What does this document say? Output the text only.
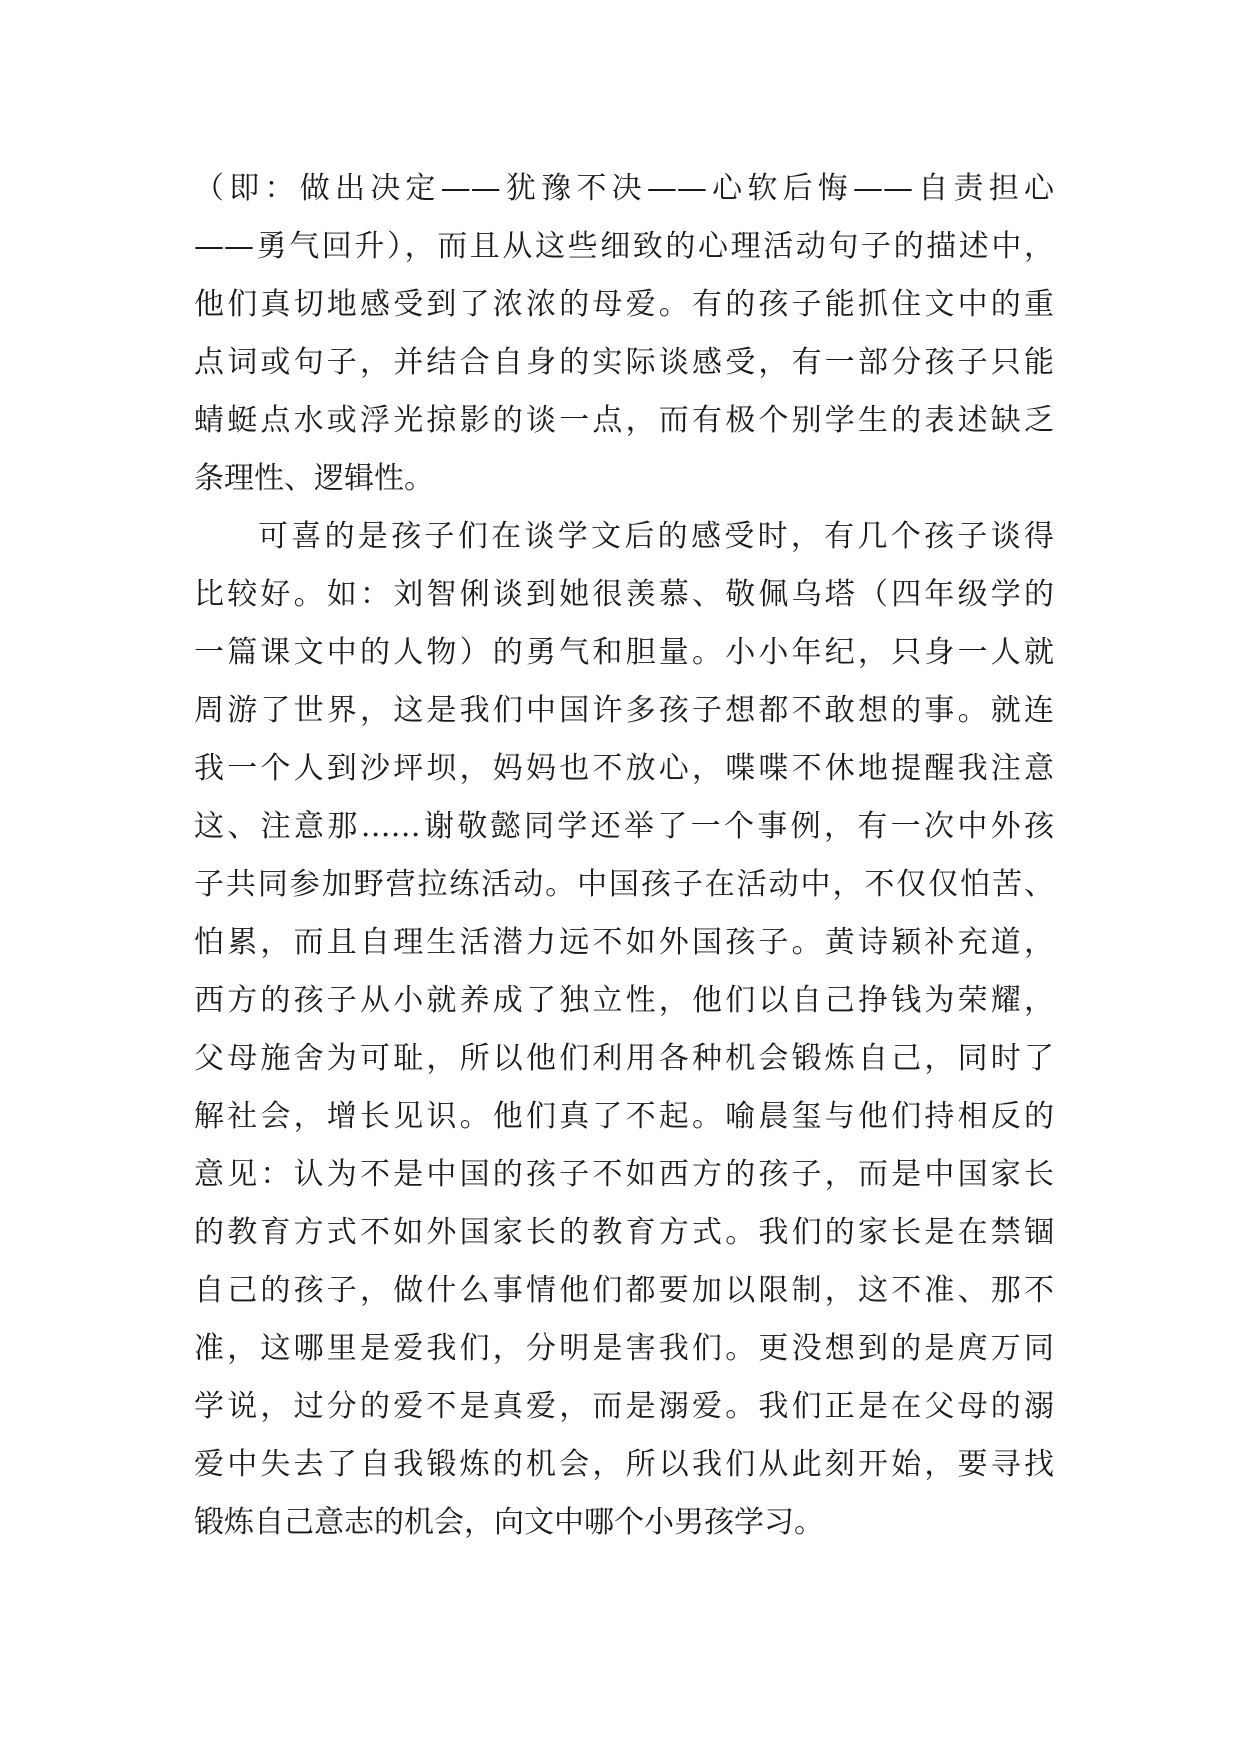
（即：做出决定——犹豫不决——心软后悔——自责担心
——勇气回升），而且从这些细致的心理活动句子的描述中，
他们真切地感受到了浓浓的母爱。有的孩子能抓住文中的重
点词或句子，并结合自身的实际谈感受，有一部分孩子只能
蜻蜓点水或浮光掠影的谈一点，而有极个别学生的表述缺乏
条理性、逻辑性。
可喜的是孩子们在谈学文后的感受时，有几个孩子谈得
比较好。如：刘智俐谈到她很羡慕、敬佩乌塔（四年级学的
一篇课文中的人物）的勇气和胆量。小小年纪，只身一人就
周游了世界，这是我们中国许多孩子想都不敢想的事。就连
我一个人到沙坪坝，妈妈也不放心，喋喋不休地提醒我注意
这、注意那……谢敬懿同学还举了一个事例，有一次中外孩
子共同参加野营拉练活动。中国孩子在活动中，不仅仅怕苦、
怕累，而且自理生活潜力远不如外国孩子。黄诗颖补充道，
西方的孩子从小就养成了独立性，他们以自己挣钱为荣耀，
父母施舍为可耻，所以他们利用各种机会锻炼自己，同时了
解社会，增长见识。他们真了不起。喻晨玺与他们持相反的
意见：认为不是中国的孩子不如西方的孩子，而是中国家长
的教育方式不如外国家长的教育方式。我们的家长是在禁锢
自己的孩子，做什么事情他们都要加以限制，这不准、那不
准，这哪里是爱我们，分明是害我们。更没想到的是庹万同
学说，过分的爱不是真爱，而是溺爱。我们正是在父母的溺
爱中失去了自我锻炼的机会，所以我们从此刻开始，要寻找
锻炼自己意志的机会，向文中哪个小男孩学习。
